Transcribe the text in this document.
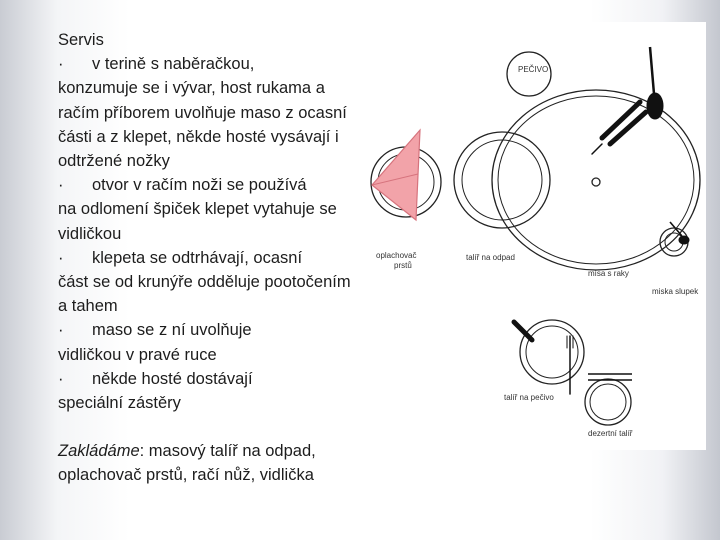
Servis

· v terině s naběračkou,
konzumuje se i vývar, host rukama a račím příborem uvolňuje maso z ocasní části a z klepet, někde hosté vysávají i odtržené nožky

· otvor v račím noži se používá
na odlomení špiček klepet vytahuje se vidličkou

· klepeta se odtrhávají, ocasní
část se od krunýře odděluje pootočením a tahem

· maso se z ní uvolňuje
vidličkou v pravé ruce

· někde hosté dostávají
speciální zástěry

Zakládáme: masový talíř na odpad, oplachovač prstů, račí nůž, vidlička

PEČIVO
oplachovač
prstů
talíř na odpad
mísa s raky
miska slupek
talíř na pečivo
dezertní talíř
